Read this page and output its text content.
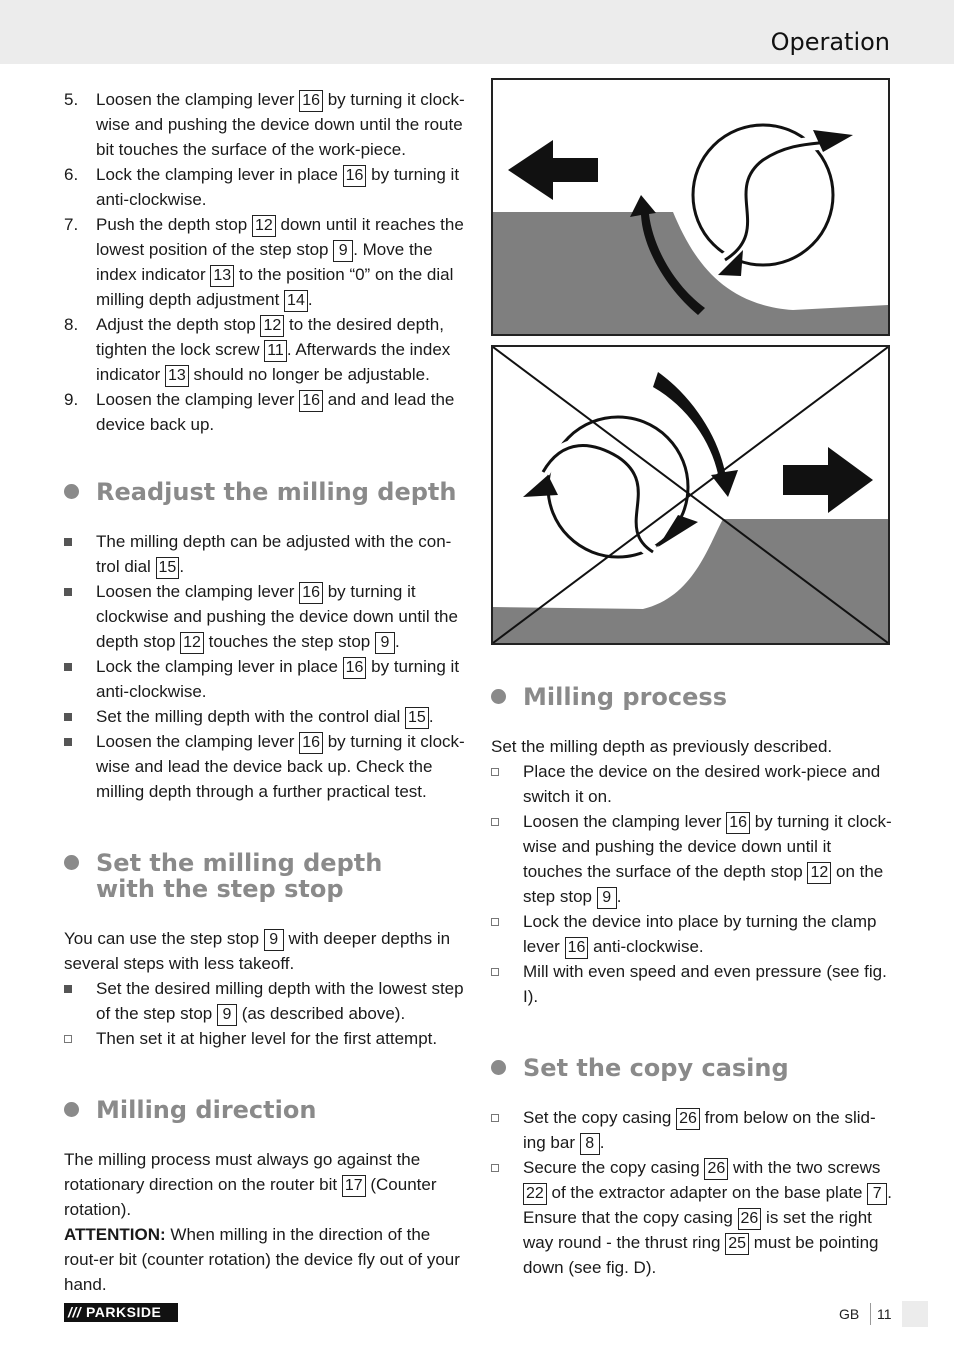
Operation
5. Loosen the clamping lever 16 by turning it clock-wise and pushing the device down until the route bit touches the surface of the work-piece.
6. Lock the clamping lever in place 16 by turning it anti-clockwise.
7. Push the depth stop 12 down until it reaches the lowest position of the step stop 9 . Move the index indicator 13 to the position “0” on the dial milling depth adjustment 14 .
8. Adjust the depth stop 12 to the desired depth, tighten the lock screw 11 . Afterwards the index indicator 13 should no longer be adjustable.
9. Loosen the clamping lever 16 and and lead the device back up.
Readjust the milling depth
The milling depth can be adjusted with the con-trol dial 15 .
Loosen the clamping lever 16 by turning it clockwise and pushing the device down until the depth stop 12 touches the step stop 9 .
Lock the clamping lever in place 16 by turning it anti-clockwise.
Set the milling depth with the control dial 15 .
Loosen the clamping lever 16 by turning it clock-wise and lead the device back up. Check the milling depth through a further practical test.
Set the milling depth
with the step stop

You can use the step stop 9 with deeper depths in several steps with less takeoff.

Set the desired milling depth with the lowest step of the step stop 9 (as described above).
Then set it at higher level for the first attempt.
Milling direction

The milling process must always go against the rotationary direction on the router bit 17 (Counter rotation).

ATTENTION: When milling in the direction of the rout-er bit (counter rotation) the device fly out of your hand.

Milling process

Set the milling depth as previously described.

Place the device on the desired work-piece and switch it on.
Loosen the clamping lever 16 by turning it clock-wise and pushing the device down until it touches the surface of the depth stop 12 on the step stop 9 .
Lock the device into place by turning the clamp lever 16 anti-clockwise.
Mill with even speed and even pressure (see fig. I).
Set the copy casing
Set the copy casing 26 from below on the slid-ing bar 8 .
Secure the copy casing 26 with the two screws 22 of the extractor adapter on the base plate 7 . Ensure that the copy casing 26 is set the right way round - the thrust ring 25 must be pointing down (see fig. D).
/// PARKSIDE	GB 11
